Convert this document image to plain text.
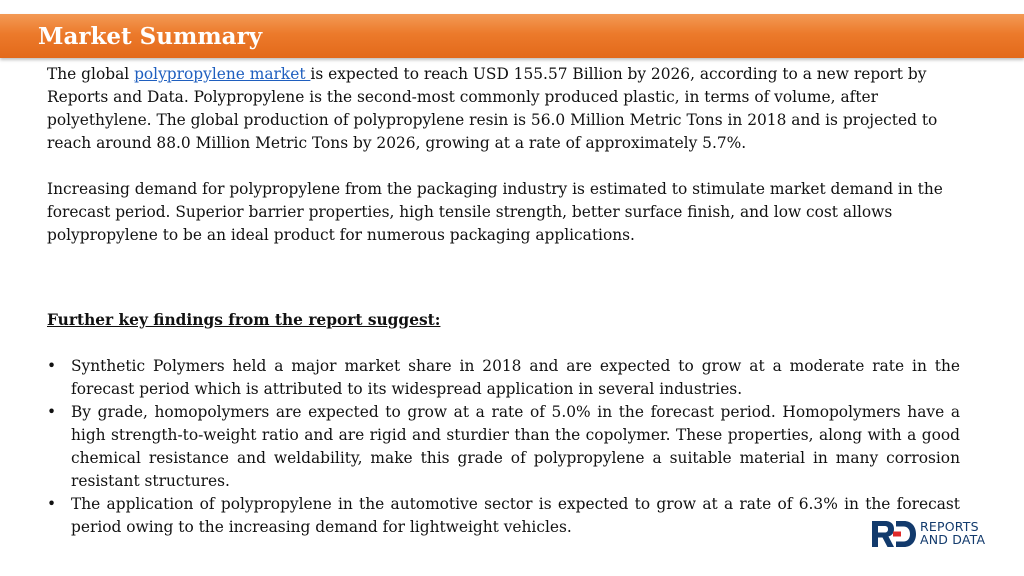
Market Summary

The global polypropylene market is expected to reach USD 155.57 Billion by 2026, according to a new report by Reports and Data. Polypropylene is the second-most commonly produced plastic, in terms of volume, after polyethylene. The global production of polypropylene resin is 56.0 Million Metric Tons in 2018 and is projected to reach around 88.0 Million Metric Tons by 2026, growing at a rate of approximately 5.7%.

Increasing demand for polypropylene from the packaging industry is estimated to stimulate market demand in the forecast period. Superior barrier properties, high tensile strength, better surface finish, and low cost allows polypropylene to be an ideal product for numerous packaging applications.

Further key findings from the report suggest:

• Synthetic Polymers held a major market share in 2018 and are expected to grow at a moderate rate in the forecast period which is attributed to its widespread application in several industries.
• By grade, homopolymers are expected to grow at a rate of 5.0% in the forecast period. Homopolymers have a high strength-to-weight ratio and are rigid and sturdier than the copolymer. These properties, along with a good chemical resistance and weldability, make this grade of polypropylene a suitable material in many corrosion resistant structures.
• The application of polypropylene in the automotive sector is expected to grow at a rate of 6.3% in the forecast period owing to the increasing demand for lightweight vehicles.	REPORTS
AND DATA
